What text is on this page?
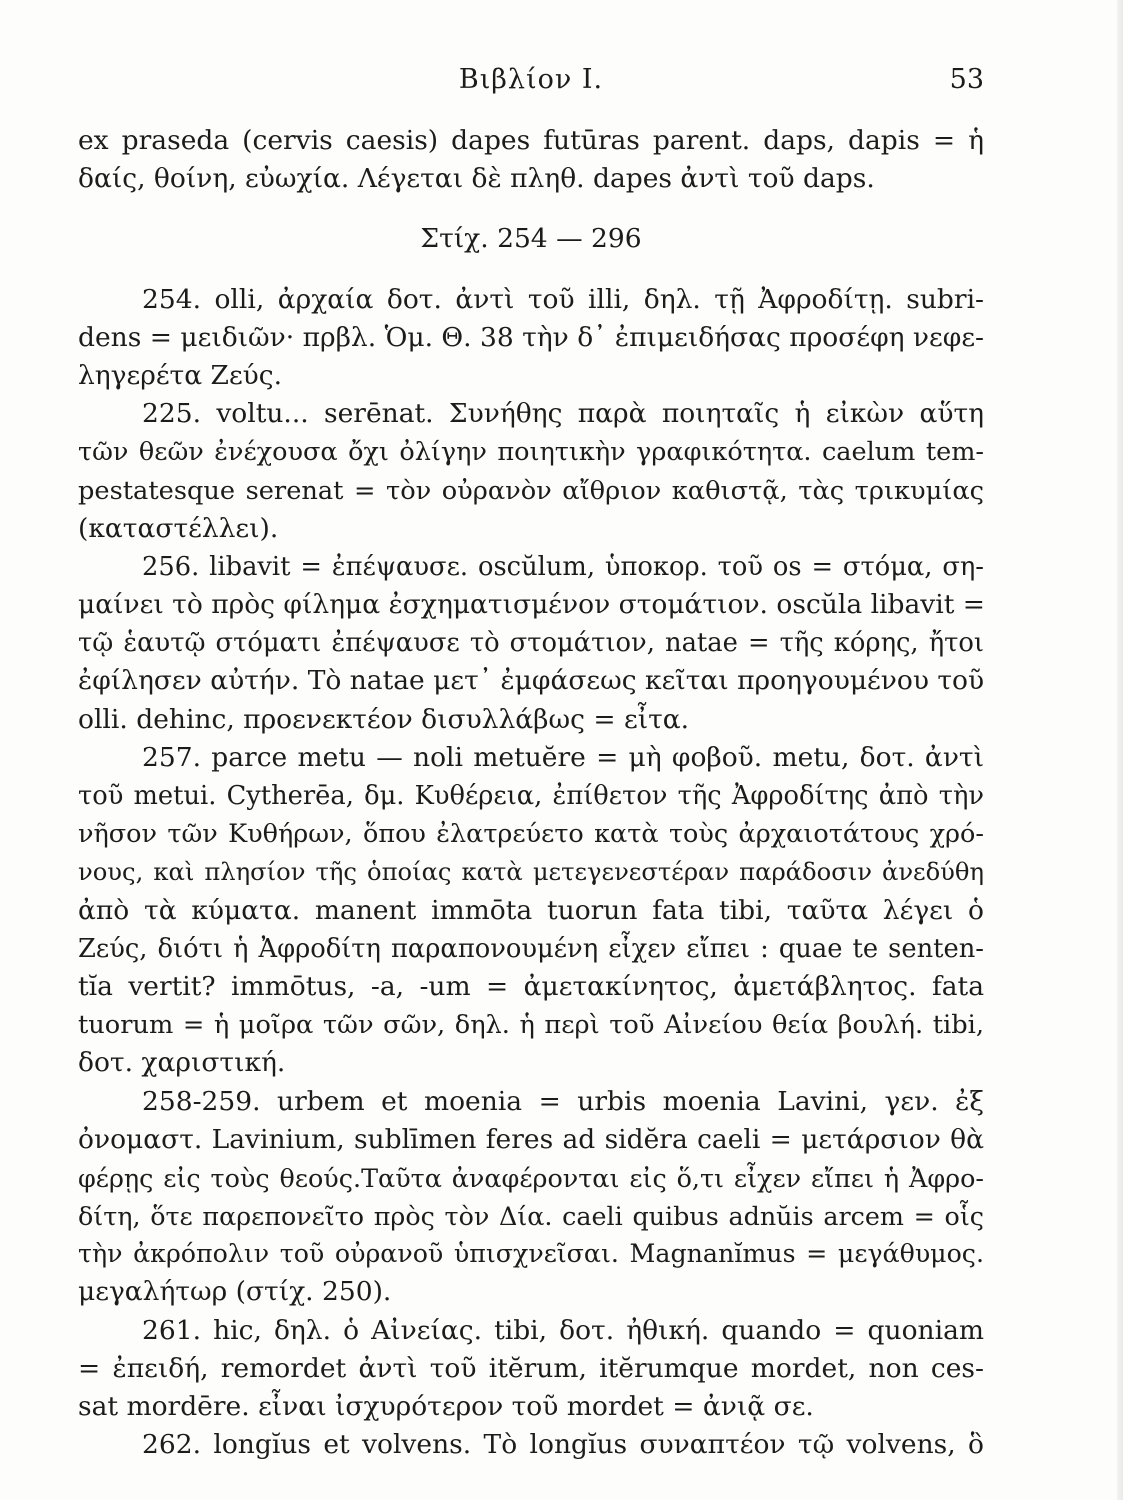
Βιβλίον Ι.	53
ex praseda (cervis caesis) dapes futūras parent. daps, dapis = ἡ
δαίς, θοίνη, εὐωχία. Λέγεται δὲ πληθ. dapes ἀντὶ τοῦ daps.
Στίχ. 254 — 296
254. olli, ἀρχαία δοτ. ἀντὶ τοῦ illi, δηλ. τῇ Ἀφροδίτῃ. subri-
dens = μειδιῶν· πρβλ. Ὁμ. Θ. 38 τὴν δ᾽ ἐπιμειδήσας προσέφη νεφε-
ληγερέτα Ζεύς.
225. voltu... serēnat. Συνήθης παρὰ ποιηταῖς ἡ εἰκὼν αὕτη
τῶν θεῶν ἐνέχουσα ὄχι ὀλίγην ποιητικὴν γραφικότητα. caelum tem-
pestatesque serenat = τὸν οὐρανὸν αἴθριον καθιστᾷ, τὰς τρικυμίας
(καταστέλλει).
256. libavit = ἐπέψαυσε. oscŭlum, ὑποκορ. τοῦ os = στόμα, ση-
μαίνει τὸ πρὸς φίλημα ἐσχηματισμένον στομάτιον. oscŭla libavit =
τῷ ἑαυτῷ στόματι ἐπέψαυσε τὸ στομάτιον, natae = τῆς κόρης, ἤτοι
ἐφίλησεν αὐτήν. Τὸ natae μετ᾽ ἐμφάσεως κεῖται προηγουμένου τοῦ
olli. dehinc, προενεκτέον δισυλλάβως = εἶτα.
257. parce metu — noli metuĕre = μὴ φοβοῦ. metu, δοτ. ἀντὶ
τοῦ metui. Cytherēa, δμ. Κυθέρεια, ἐπίθετον τῆς Ἀφροδίτης ἀπὸ τὴν
νῆσον τῶν Κυθήρων, ὅπου ἐλατρεύετο κατὰ τοὺς ἀρχαιοτάτους χρό-
νους, καὶ πλησίον τῆς ὁποίας κατὰ μετεγενεστέραν παράδοσιν ἀνεδύθη
ἀπὸ τὰ κύματα. manent immōta tuorun fata tibi, ταῦτα λέγει ὁ
Ζεύς, διότι ἡ Ἀφροδίτη παραπονουμένη εἶχεν εἴπει : quae te senten-
tĭa vertit? immōtus, -a, -um = ἀμετακίνητος, ἀμετάβλητος. fata
tuorum = ἡ μοῖρα τῶν σῶν, δηλ. ἡ περὶ τοῦ Αἰνείου θεία βουλή. tibi,
δοτ. χαριστική.
258-259. urbem et moenia = urbis moenia Lavini, γεν. ἐξ
ὀνομαστ. Lavinium, sublīmen feres ad sidĕra caeli = μετάρσιον θὰ
φέρῃς εἰς τοὺς θεούς.Ταῦτα ἀναφέρονται εἰς ὅ,τι εἶχεν εἴπει ἡ Ἀφρο-
δίτη, ὅτε παρεπονεῖτο πρὸς τὸν Δία. caeli quibus adnŭis arcem = οἷς
τὴν ἀκρόπολιν τοῦ οὐρανοῦ ὑπισχνεῖσαι. Magnanĭmus = μεγάθυμος.
μεγαλήτωρ (στίχ. 250).
261. hic, δηλ. ὁ Αἰνείας. tibi, δοτ. ἠθική. quando = quoniam
= ἐπειδή, remordet ἀντὶ τοῦ itĕrum, itĕrumque mordet, non ces-
sat mordēre. εἶναι ἰσχυρότερον τοῦ mordet = ἀνιᾷ σε.
262. longĭus et volvens. Τὸ longĭus συναπτέον τῷ volvens, ὃ
